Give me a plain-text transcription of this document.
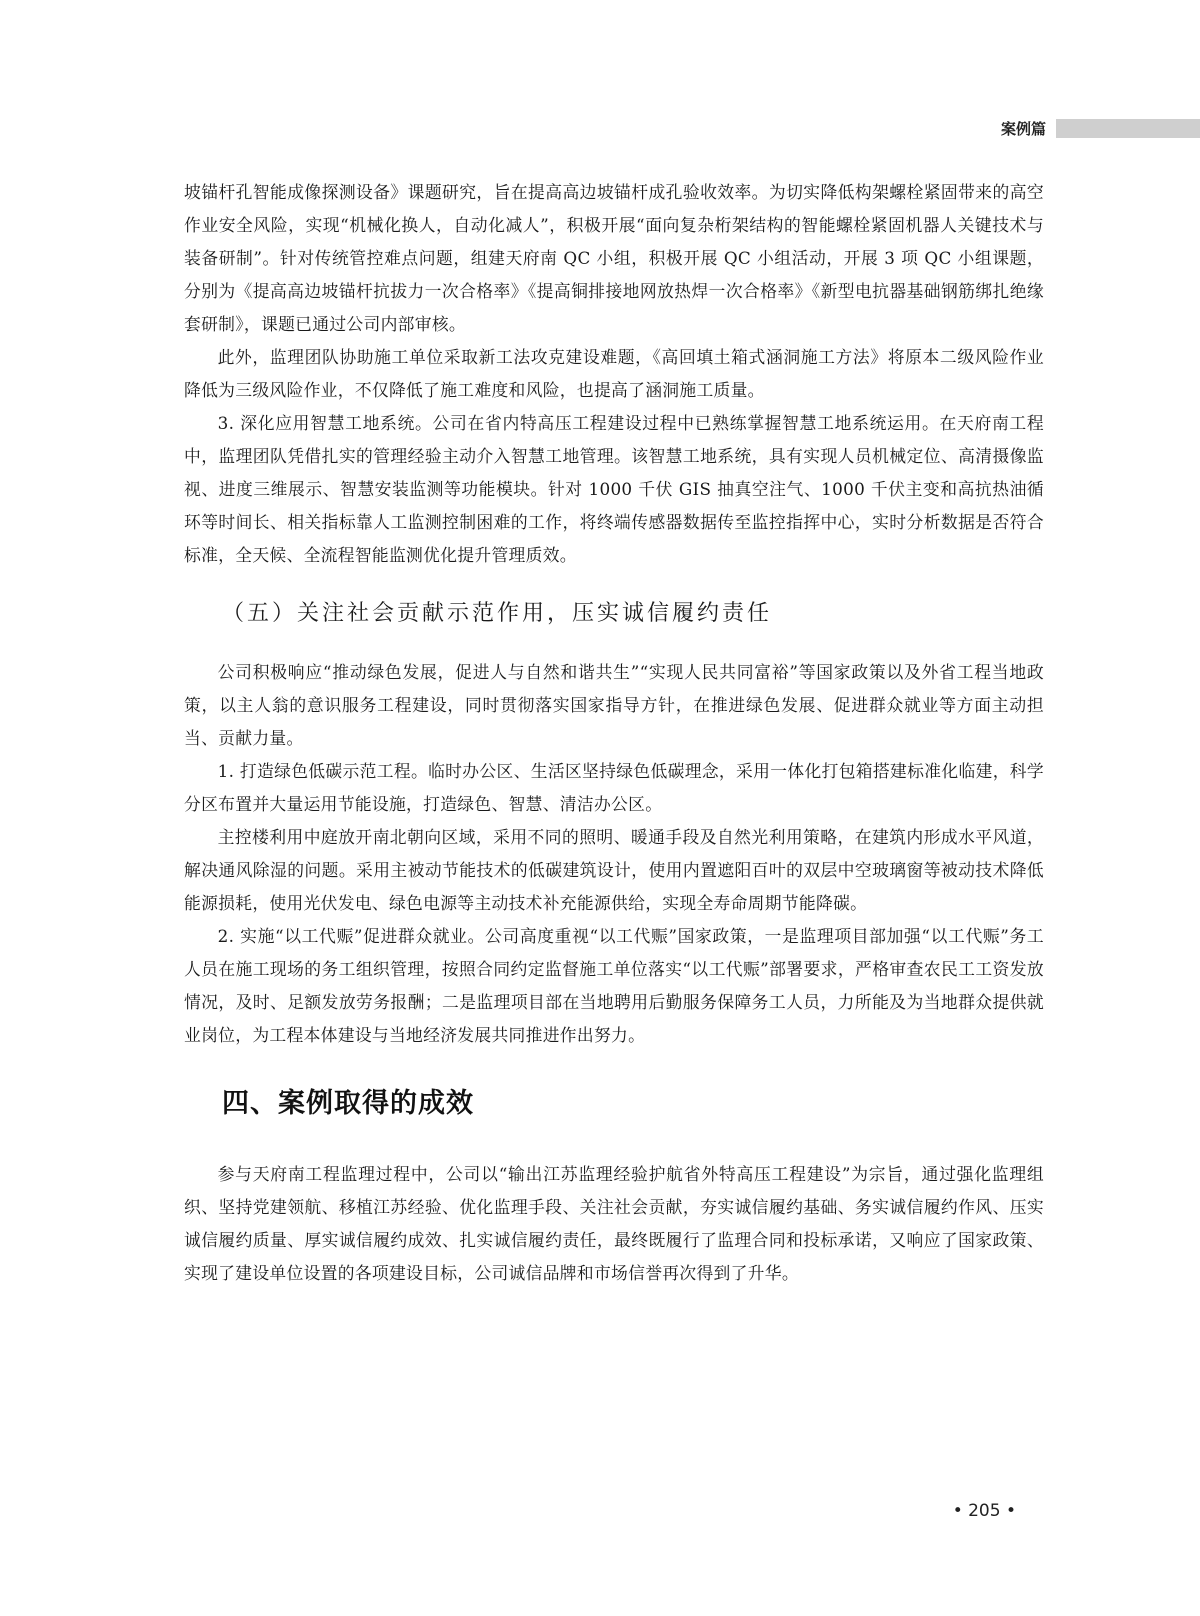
案例篇

坡锚杆孔智能成像探测设备》课题研究，旨在提高高边坡锚杆成孔验收效率。为切实降低构架螺栓紧固带来的高空作业安全风险，实现“机械化换人，自动化减人”，积极开展“面向复杂桁架结构的智能螺栓紧固机器人关键技术与装备研制”。针对传统管控难点问题，组建天府南 QC 小组，积极开展 QC 小组活动，开展 3 项 QC 小组课题，分别为《提高高边坡锚杆抗拔力一次合格率》《提高铜排接地网放热焊一次合格率》《新型电抗器基础钢筋绑扎绝缘套研制》，课题已通过公司内部审核。

此外，监理团队协助施工单位采取新工法攻克建设难题，《高回填土箱式涵洞施工方法》将原本二级风险作业降低为三级风险作业，不仅降低了施工难度和风险，也提高了涵洞施工质量。

3. 深化应用智慧工地系统。公司在省内特高压工程建设过程中已熟练掌握智慧工地系统运用。在天府南工程中，监理团队凭借扎实的管理经验主动介入智慧工地管理。该智慧工地系统，具有实现人员机械定位、高清摄像监视、进度三维展示、智慧安装监测等功能模块。针对 1000 千伏 GIS 抽真空注气、1000 千伏主变和高抗热油循环等时间长、相关指标靠人工监测控制困难的工作，将终端传感器数据传至监控指挥中心，实时分析数据是否符合标准，全天候、全流程智能监测优化提升管理质效。

（五）关注社会贡献示范作用，压实诚信履约责任

公司积极响应“推动绿色发展，促进人与自然和谐共生”“实现人民共同富裕”等国家政策以及外省工程当地政策，以主人翁的意识服务工程建设，同时贯彻落实国家指导方针，在推进绿色发展、促进群众就业等方面主动担当、贡献力量。

1. 打造绿色低碳示范工程。临时办公区、生活区坚持绿色低碳理念，采用一体化打包箱搭建标准化临建，科学分区布置并大量运用节能设施，打造绿色、智慧、清洁办公区。

主控楼利用中庭放开南北朝向区域，采用不同的照明、暖通手段及自然光利用策略，在建筑内形成水平风道，解决通风除湿的问题。采用主被动节能技术的低碳建筑设计，使用内置遮阳百叶的双层中空玻璃窗等被动技术降低能源损耗，使用光伏发电、绿色电源等主动技术补充能源供给，实现全寿命周期节能降碳。

2. 实施“以工代赈”促进群众就业。公司高度重视“以工代赈”国家政策，一是监理项目部加强“以工代赈”务工人员在施工现场的务工组织管理，按照合同约定监督施工单位落实“以工代赈”部署要求，严格审查农民工工资发放情况，及时、足额发放劳务报酬；二是监理项目部在当地聘用后勤服务保障务工人员，力所能及为当地群众提供就业岗位，为工程本体建设与当地经济发展共同推进作出努力。

四、案例取得的成效

参与天府南工程监理过程中，公司以“输出江苏监理经验护航省外特高压工程建设”为宗旨，通过强化监理组织、坚持党建领航、移植江苏经验、优化监理手段、关注社会贡献，夯实诚信履约基础、务实诚信履约作风、压实诚信履约质量、厚实诚信履约成效、扎实诚信履约责任，最终既履行了监理合同和投标承诺，又响应了国家政策、实现了建设单位设置的各项建设目标，公司诚信品牌和市场信誉再次得到了升华。

• 205 •
